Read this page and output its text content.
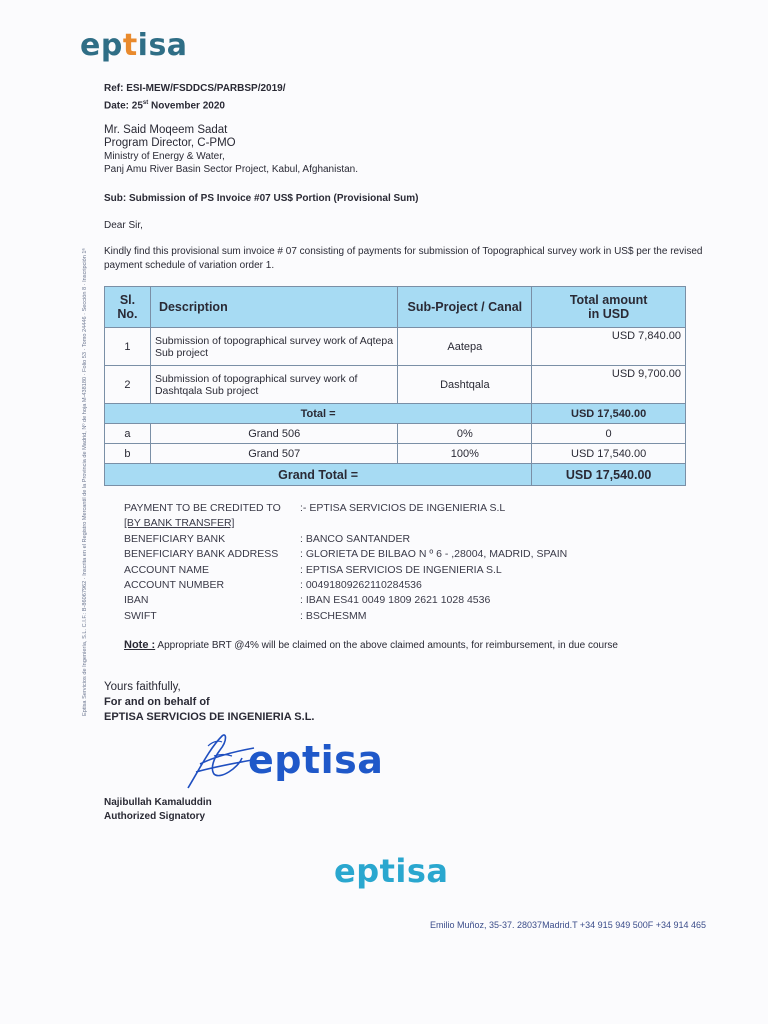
eptisa
Eptisa Servicios de Ingeniería, S.L. C.I.F.: B-86067962 · Inscrita en el Registro Mercantil de la Provincia de Madrid, Nº de hoja M-438180 · Folio 53 · Tomo 24446 · Sección 8 · Inscripción 1ª
Ref: ESI-MEW/FSDDCS/PARBSP/2019/
Date: 25st November 2020
Mr. Said Moqeem Sadat
Program Director, C-PMO
Ministry of Energy & Water,
Panj Amu River Basin Sector Project, Kabul, Afghanistan.
Sub: Submission of PS Invoice #07 US$ Portion (Provisional Sum)
Dear Sir,
Kindly find this provisional sum invoice # 07 consisting of payments for submission of Topographical survey work in US$ per the revised payment schedule of variation order 1.
Sl.
No.	Description	Sub-Project / Canal	Total amount
in USD
1	Submission of topographical survey work of Aqtepa Sub project	Aatepa	USD 7,840.00
2	Submission of topographical survey work of Dashtqala Sub project	Dashtqala	USD 9,700.00
Total =			USD 17,540.00
a	Grand 506	0%	0
b	Grand 507	100%	USD 17,540.00
Grand Total =			USD 17,540.00
PAYMENT TO BE CREDITED TO	:- EPTISA SERVICIOS DE INGENIERIA S.L
[BY BANK TRANSFER]
BENEFICIARY BANK	: BANCO SANTANDER
BENEFICIARY BANK ADDRESS	: GLORIETA DE BILBAO N º 6 - ,28004, MADRID, SPAIN
ACCOUNT NAME	: EPTISA SERVICIOS DE INGENIERIA S.L
ACCOUNT NUMBER	: 00491809262110284536
IBAN	: IBAN ES41 0049 1809 2621 1028 4536
SWIFT	: BSCHESMM
Note : Appropriate BRT @4% will be claimed on the above claimed amounts, for reimbursement, in due course
Yours faithfully,
For and on behalf of
EPTISA SERVICIOS DE INGENIERIA S.L.
eptisa
Najibullah Kamaluddin
Authorized Signatory
eptisa
Emilio Muñoz, 35-37. 28037Madrid.T +34 915 949 500F +34 914 465
